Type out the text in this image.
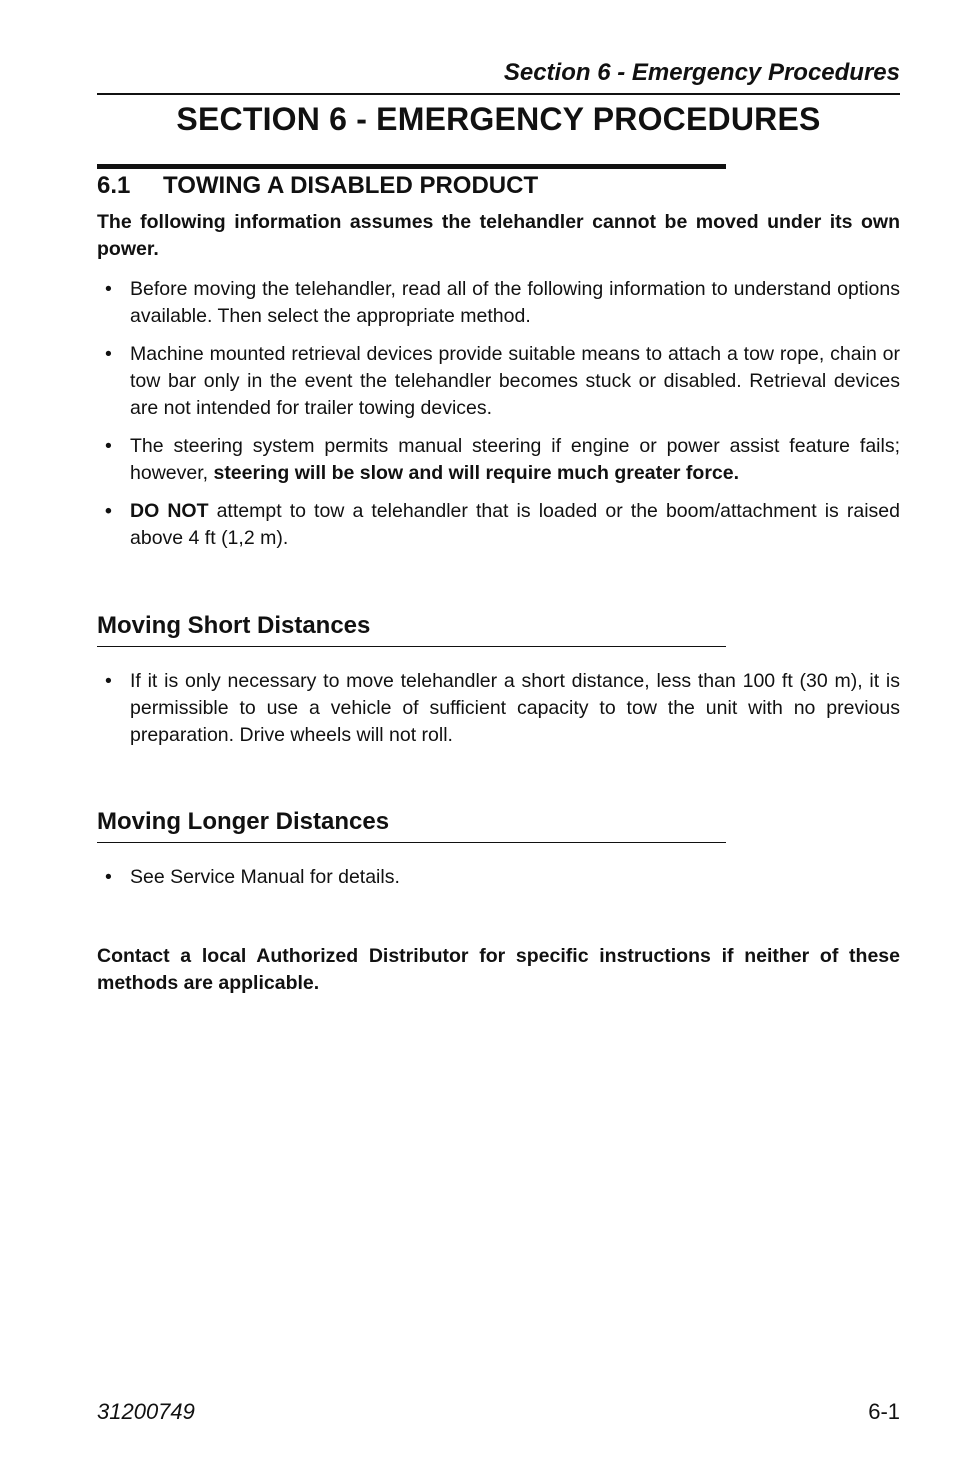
Section 6 - Emergency Procedures
SECTION 6 - EMERGENCY PROCEDURES
6.1 TOWING A DISABLED PRODUCT
The following information assumes the telehandler cannot be moved under its own power.
• Before moving the telehandler, read all of the following information to understand options available. Then select the appropriate method.
• Machine mounted retrieval devices provide suitable means to attach a tow rope, chain or tow bar only in the event the telehandler becomes stuck or disabled. Retrieval devices are not intended for trailer towing devices.
• The steering system permits manual steering if engine or power assist feature fails; however, steering will be slow and will require much greater force.
• DO NOT attempt to tow a telehandler that is loaded or the boom/attachment is raised above 4 ft (1,2 m).
Moving Short Distances
• If it is only necessary to move telehandler a short distance, less than 100 ft (30 m), it is permissible to use a vehicle of sufficient capacity to tow the unit with no previous preparation. Drive wheels will not roll.
Moving Longer Distances
• See Service Manual for details.
Contact a local Authorized Distributor for specific instructions if neither of these methods are applicable.
31200749	6-1
